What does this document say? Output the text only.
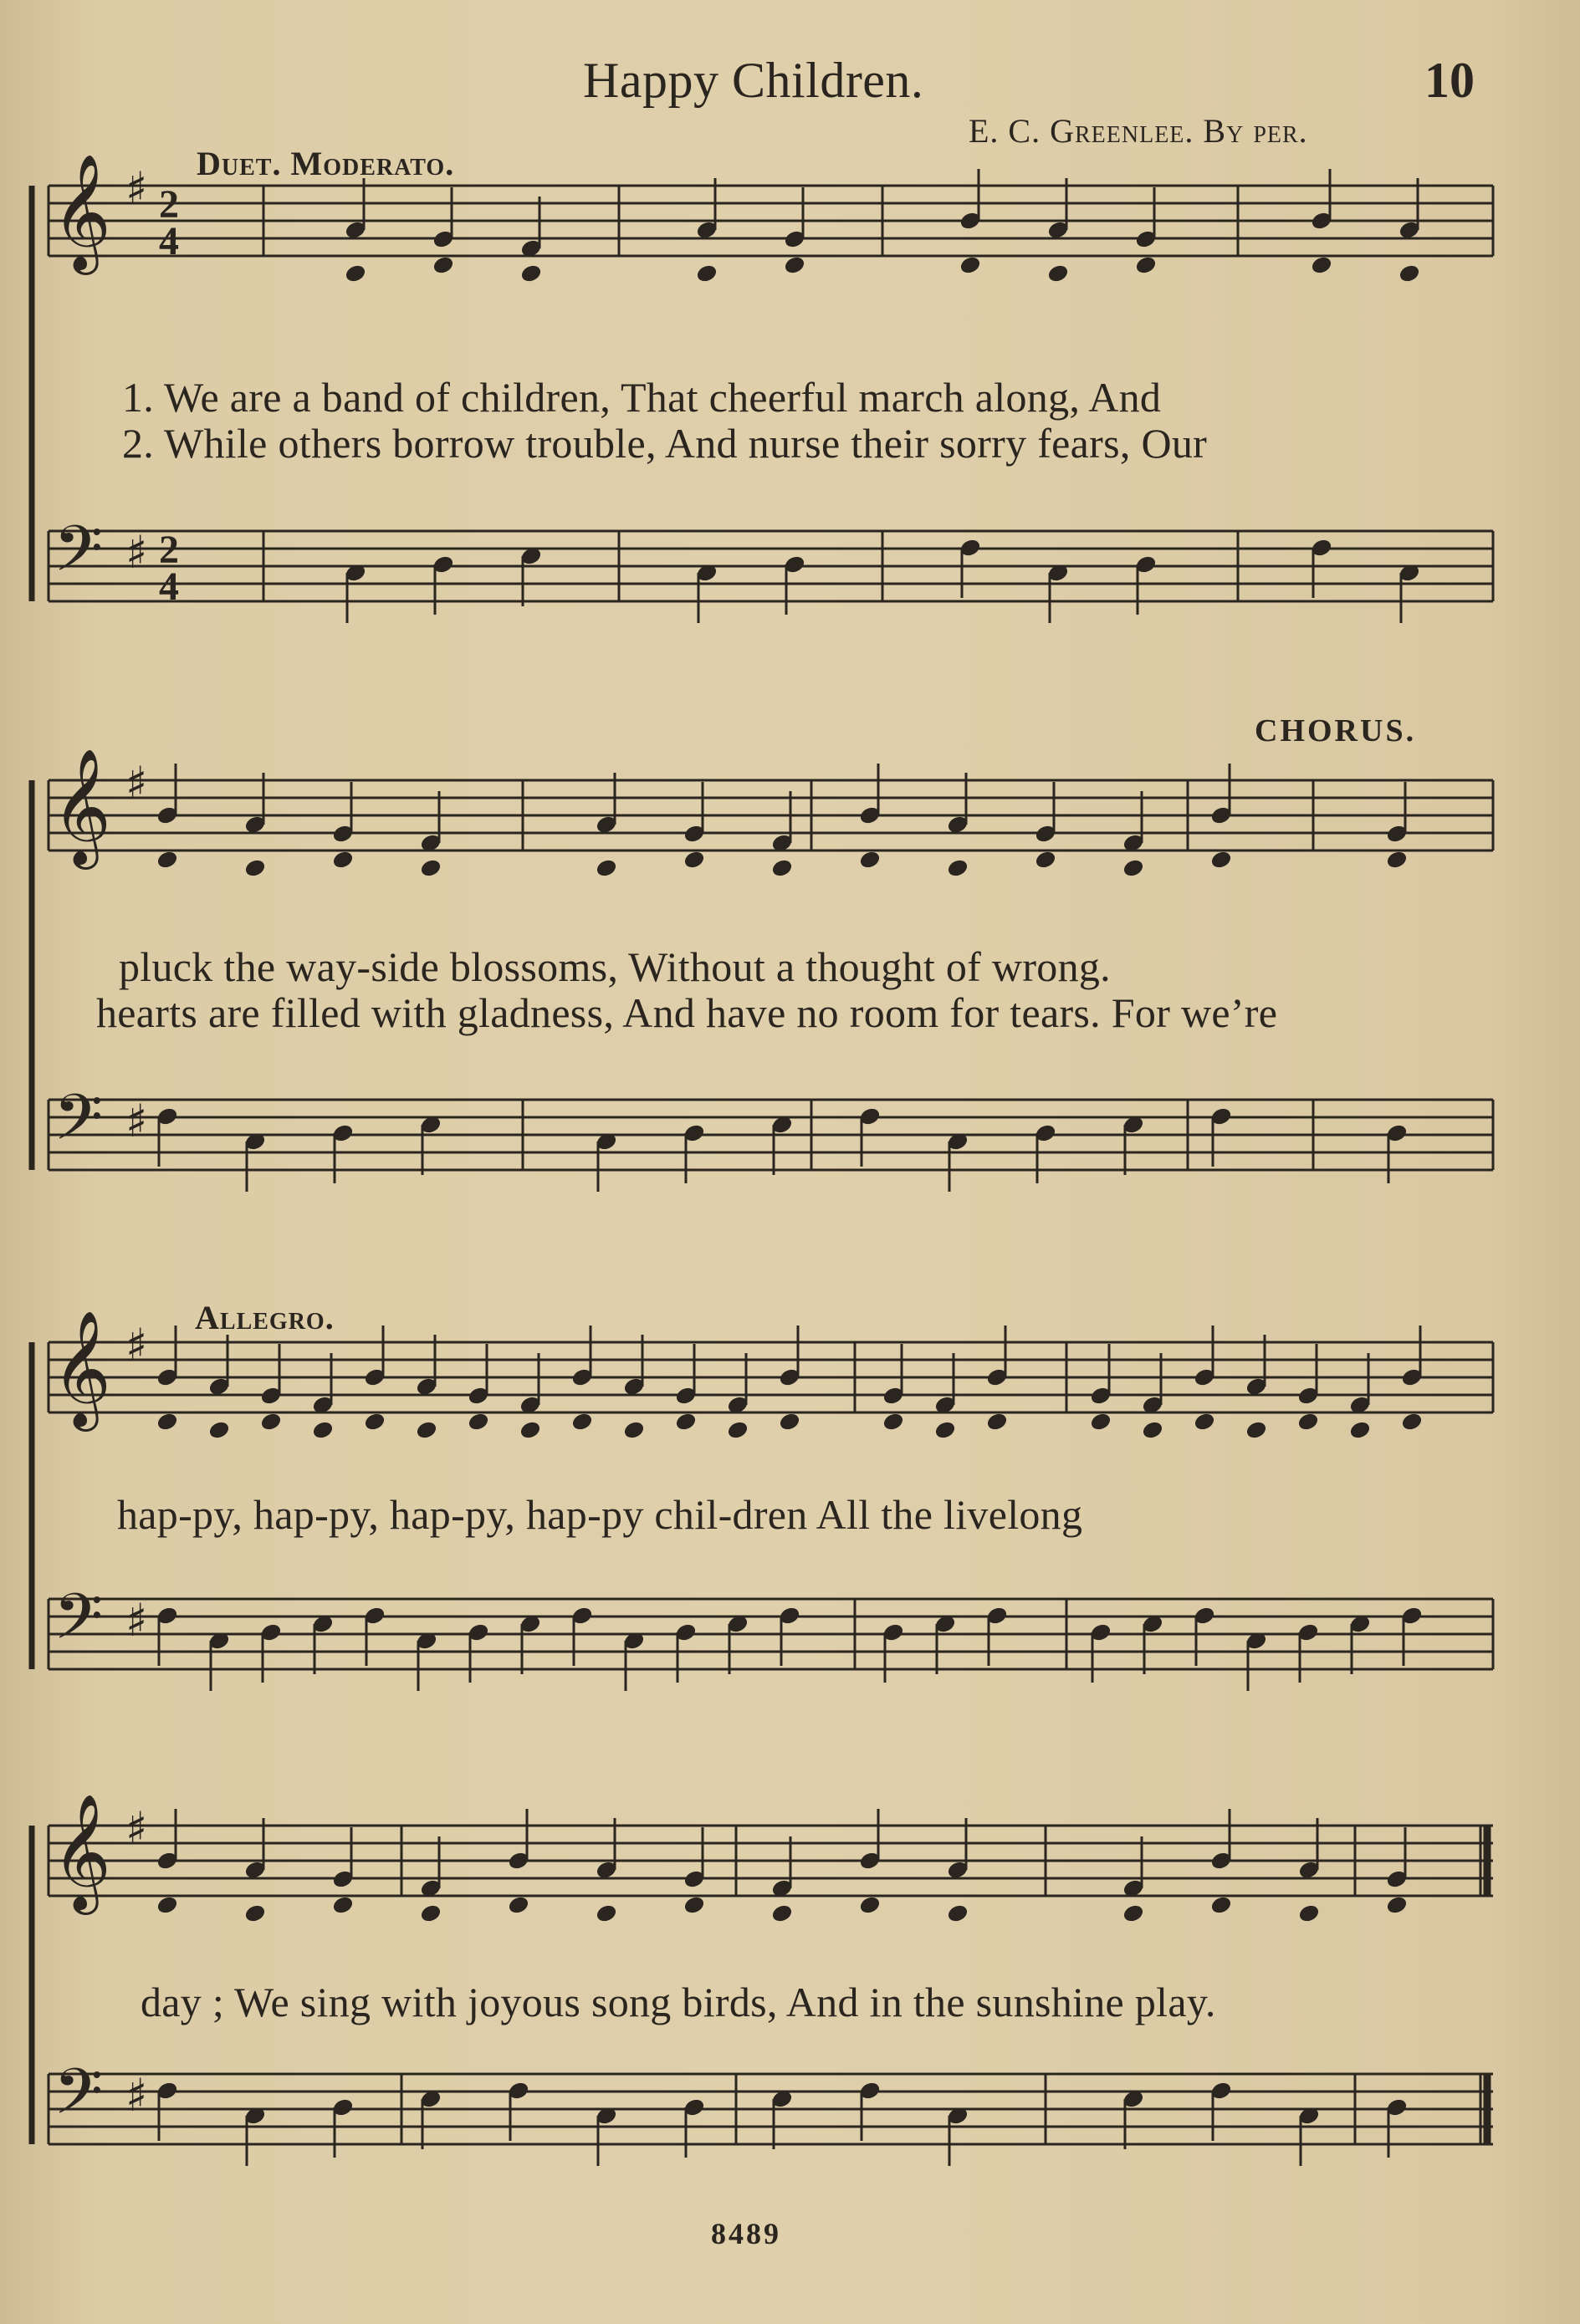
Happy Children.	10
E. C. Greenlee. By per.
Duet. Moderato.
CHORUS.
Allegro.
𝄞
𝄢
♯
♯
𝄞
𝄢
♯
♯
𝄞
𝄢
♯
♯
𝄞
𝄢
♯
♯
2
4
2
4
1. We are a band of children, That cheerful march along, And
2. While others borrow trouble, And nurse their sorry fears, Our
pluck the way-side blossoms, Without a thought of wrong.
hearts are filled with gladness, And have no room for tears. For we’re
hap-py, hap-py, hap-py, hap-py chil-dren All the livelong
day ; We sing with joyous song birds, And in the sunshine play.
8489
